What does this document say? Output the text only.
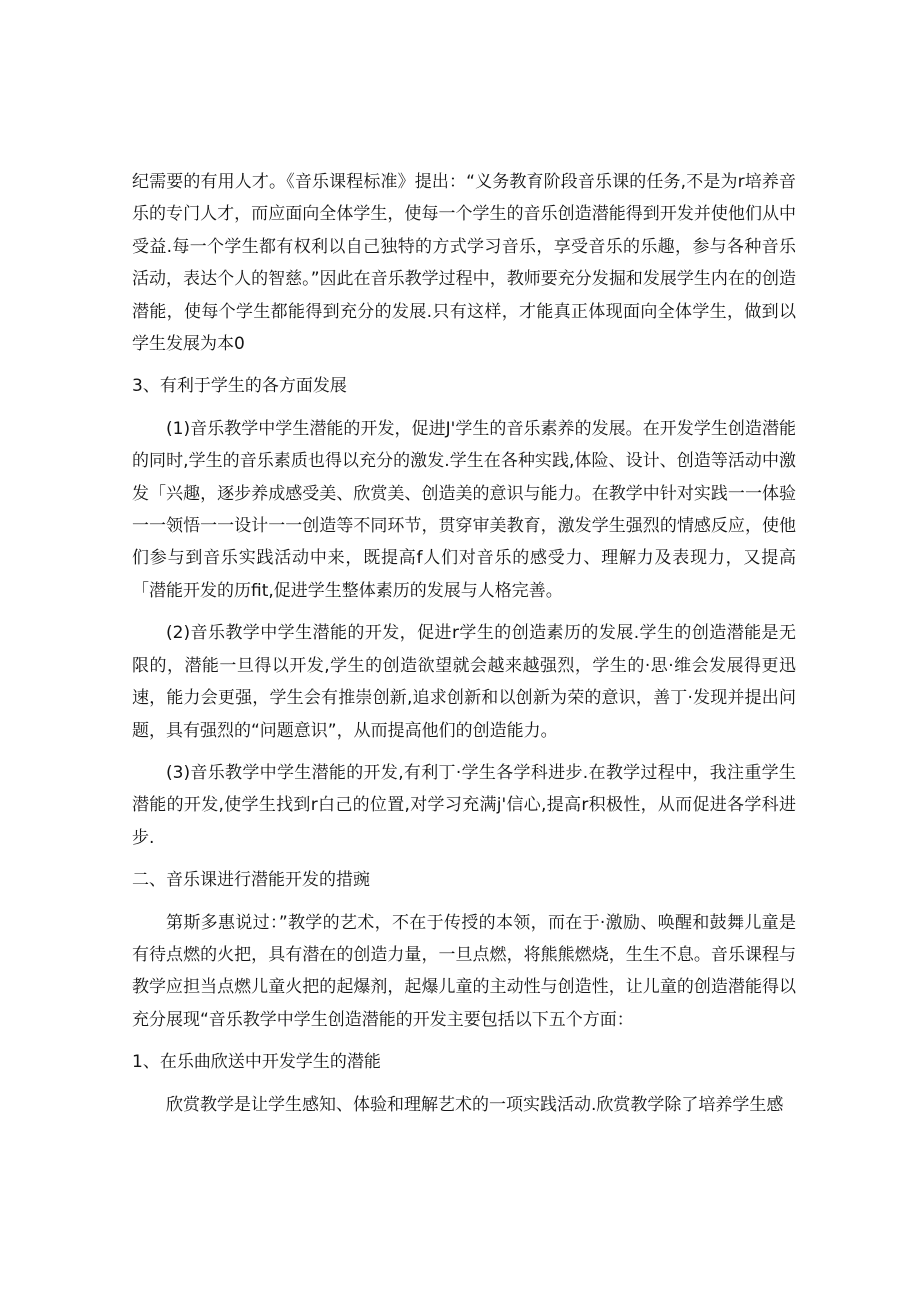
纪需要的有用人才。《音乐课程标准》提出：“义务教育阶段音乐课的任务,不是为r培养音乐的专门人才，而应面向全体学生，使每一个学生的音乐创造潜能得到开发并使他们从中受益.每一个学生都有权利以自己独特的方式学习音乐，享受音乐的乐趣，参与各种音乐活动，表达个人的智慈。”因此在音乐教学过程中，教师要充分发掘和发展学生内在的创造潜能，使每个学生都能得到充分的发展.只有这样，才能真正体现面向全体学生，做到以学生发展为本0

3、有利于学生的各方面发展

(1)音乐教学中学生潜能的开发，促进J'学生的音乐素养的发展。在开发学生创造潜能的同时,学生的音乐素质也得以充分的激发.学生在各种实践,体险、设计、创造等活动中激发「兴趣，逐步养成感受美、欣赏美、创造美的意识与能力。在教学中针对实践一一体验一一领悟一一设计一一创造等不同环节，贯穿审美教育，激发学生强烈的情感反应，使他们参与到音乐实践活动中来，既提高f人们对音乐的感受力、理解力及表现力，又提高「潜能开发的历fit,促进学生整体素历的发展与人格完善。

(2)音乐教学中学生潜能的开发，促进r学生的创造素历的发展.学生的创造潜能是无限的，潜能一旦得以开发,学生的创造欲望就会越来越强烈，学生的·思·维会发展得更迅速，能力会更强，学生会有推崇创新,追求创新和以创新为荣的意识，善丁·发现并提出问题，具有强烈的“问题意识”，从而提高他们的创造能力。

(3)音乐教学中学生潜能的开发,有利丁·学生各学科进步.在教学过程中，我注重学生潜能的开发,使学生找到r白己的位置,对学习充满j'信心,提高r积极性，从而促进各学科进步.

二、音乐课进行潜能开发的措豌

第斯多惠说过：”教学的艺术，不在于传授的本领，而在于·激励、唤醒和鼓舞儿童是有待点燃的火把，具有潜在的创造力量，一旦点燃，将熊熊燃烧，生生不息。音乐课程与教学应担当点燃儿童火把的起爆剂，起爆儿童的主动性与创造性，让儿童的创造潜能得以充分展现“音乐教学中学生创造潜能的开发主要包括以下五个方面：

1、在乐曲欣送中开发学生的潜能

欣赏教学是让学生感知、体验和理解艺术的一项实践活动.欣赏教学除了培养学生感
